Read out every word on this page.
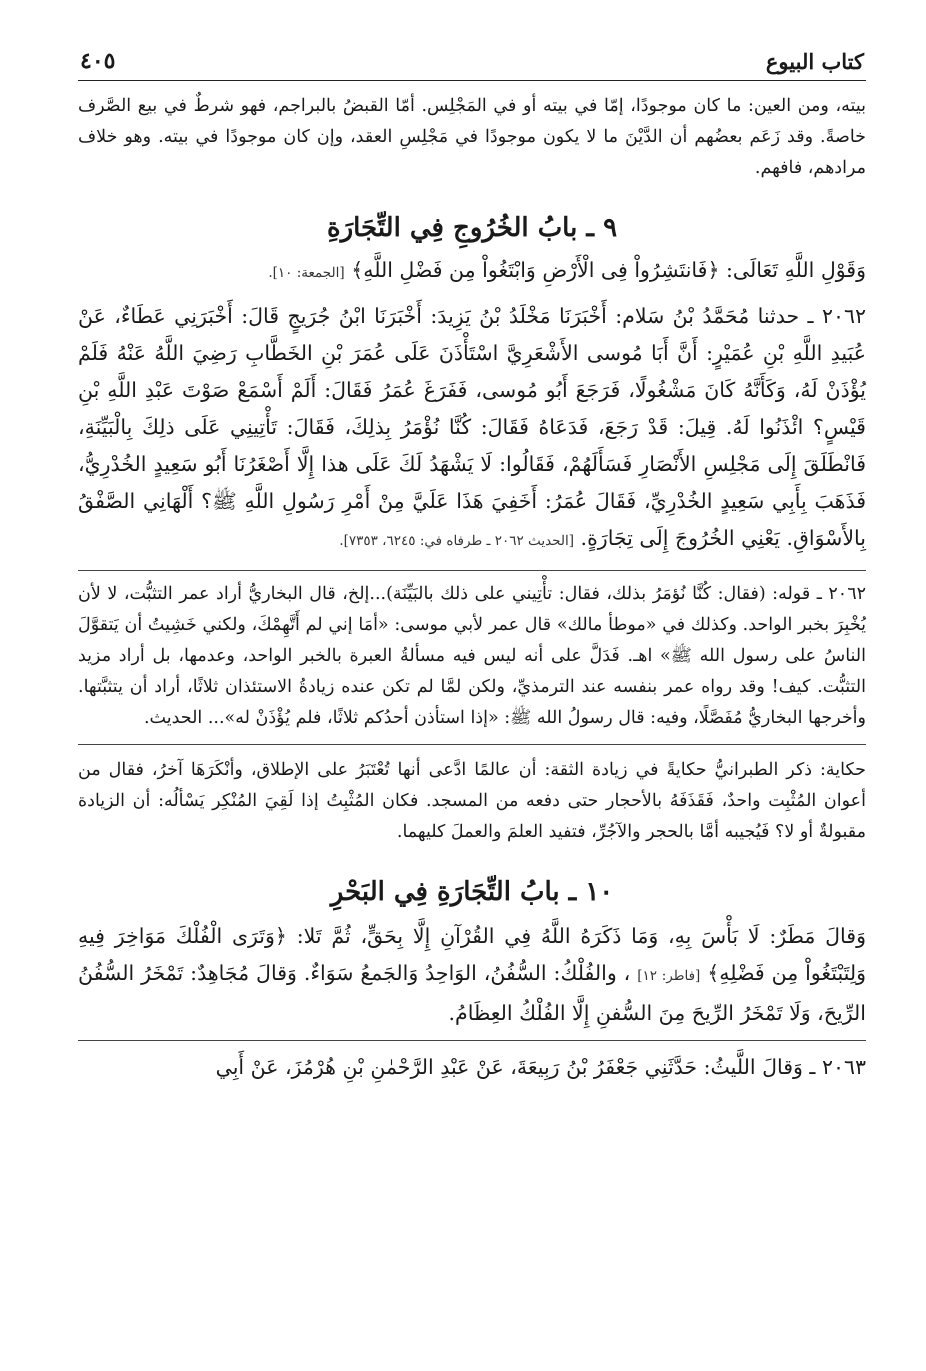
كتاب البيوع
٤٠٥

بيته، ومن العين: ما كان موجودًا، إمّا في بيته أو في المَجْلِس. أمّا القبضُ بالبراجم، فهو شرطٌ في بيع الصَّرف خاصةً. وقد زَعَم بعضُهم أن الدَّيْنَ ما لا يكون موجودًا في مَجْلِسِ العقد، وإن كان موجودًا في بيته. وهو خلاف مرادهم، فافهم.

٩ ـ بابُ الخُرُوجِ فِي التِّجَارَةِ

وَقَوْلِ اللَّهِ تَعَالَى: ﴿فَانتَشِرُواْ فِى الْأَرْضِ وَابْتَغُواْ مِن فَضْلِ اللَّهِ﴾ [الجمعة: ١٠].

٢٠٦٢ ـ حدثنا مُحَمَّدُ بْنُ سَلام: أَخْبَرَنَا مَخْلَدُ بْنُ يَزِيدَ: أَخْبَرَنَا ابْنُ جُرَيجٍ قَالَ: أَخْبَرَنِي عَطَاءٌ، عَنْ عُبَيدِ اللَّهِ بْنِ عُمَيْرٍ: أَنَّ أَبَا مُوسى الأَشْعَرِيَّ اسْتَأْذَنَ عَلَى عُمَرَ بْنِ الخَطَّابِ رَضِيَ اللَّهُ عَنْهُ فَلَمْ يُؤْذَنْ لَهُ، وَكَأَنَّهُ كَانَ مَشْغُولًا، فَرَجَعَ أَبُو مُوسى، فَفَرَغَ عُمَرُ فَقَالَ: أَلَمْ أَسْمَعْ صَوْتَ عَبْدِ اللَّهِ بْنِ قَيْسٍ؟ ائْذَنُوا لَهُ. قِيلَ: قَدْ رَجَعَ، فَدَعَاهُ فَقَالَ: كُنَّا نُؤْمَرُ بِذلِكَ، فَقَالَ: تَأْتِينِي عَلَى ذلِكَ بِالْبَيِّنَةِ، فَانْطَلَقَ إِلَى مَجْلِسِ الأَنْصَارِ فَسَأَلَهُمْ، فَقَالُوا: لَا يَشْهَدُ لَكَ عَلَى هذا إِلَّا أَصْغَرُنَا أَبُو سَعِيدٍ الخُدْرِيُّ، فَذَهَبَ بِأَبِي سَعِيدٍ الخُدْرِيِّ، فَقَالَ عُمَرُ: أَخَفِيَ هَذَا عَلَيَّ مِنْ أَمْرِ رَسُولِ اللَّهِ ﷺ؟ أَلْهَانِي الصَّفْقُ بِالأَسْوَاقِ. يَعْنِي الخُرُوجَ إِلَى تِجَارَةٍ. [الحديث ٢٠٦٢ ـ طرفاه في: ٦٢٤٥، ٧٣٥٣].

٢٠٦٢ ـ قوله: (فقال: كُنَّا نُؤمَرُ بذلك، فقال: تأْتِيني على ذلك بالبَيِّنَة)...إلخ، قال البخاريُّ أراد عمر التثبُّت، لا لأن يُخْبِرَ بخبر الواحد. وكذلك في «موطأ مالك» قال عمر لأبي موسى: «أمَا إني لم أَتَّهِمْكَ، ولكني خَشِيتُ أن يَتقوَّلَ الناسُ على رسول الله ﷺ» اهـ. فَدَلَّ على أنه ليس فيه مسألةُ العبرة بالخبر الواحد، وعدمها، بل أراد مزيد التثبُّت. كيف! وقد رواه عمر بنفسه عند الترمذيِّ، ولكن لمَّا لم تكن عنده زيادةُ الاستئذان ثلاثًا، أراد أن يتثبَّتها. وأخرجها البخاريُّ مُفَصَّلًا، وفيه: قال رسولُ الله ﷺ: «إذا استأذن أحدُكم ثلاثًا، فلم يُؤْذَنْ له»... الحديث.

حكاية: ذكر الطبرانيُّ حكايةً في زيادة الثقة: أن عالمًا ادَّعى أنها تُعْتَبَرُ على الإطلاق، وأنْكَرَهَا آخرُ، فقال من أعوان المُثْبِت واحدٌ، فَقَذَفَهُ بالأحجار حتى دفعه من المسجد. فكان المُثْبِتُ إذا لَقِيَ المُنْكِر يَسْألُه: أن الزيادة مقبولةٌ أو لا؟ فَيُجيبه أمَّا بالحجر والآجُرِّ، فتفيد العلمَ والعملَ كليهما.

١٠ ـ بابُ التِّجَارَةِ فِي البَحْرِ

وَقالَ مَطَرٌ: لَا بَأْسَ بِهِ، وَمَا ذَكَرَهُ اللَّهُ فِي القُرْآنِ إِلَّا بِحَقٍّ، ثُمَّ تَلا: ﴿وَتَرَى الْفُلْكَ مَوَاخِرَ فِيهِ وَلِتَبْتَغُواْ مِن فَضْلِهِ﴾ [فاطر: ١٢] ، والفُلْكُ: السُّفُنُ، الوَاحِدُ وَالجَمعُ سَوَاءٌ. وَقالَ مُجَاهِدٌ: تَمْخَرُ السُّفُنُ الرِّيحَ، وَلَا تَمْخَرُ الرِّيحَ مِنَ السُّفنِ إِلَّا الفُلْكُ العِظَامُ.

٢٠٦٣ ـ وَقالَ اللَّيثُ: حَدَّثَنِي جَعْفَرُ بْنُ رَبِيعَةَ، عَنْ عَبْدِ الرَّحْمٰنِ بْنِ هُرْمُزَ، عَنْ أَبِي
